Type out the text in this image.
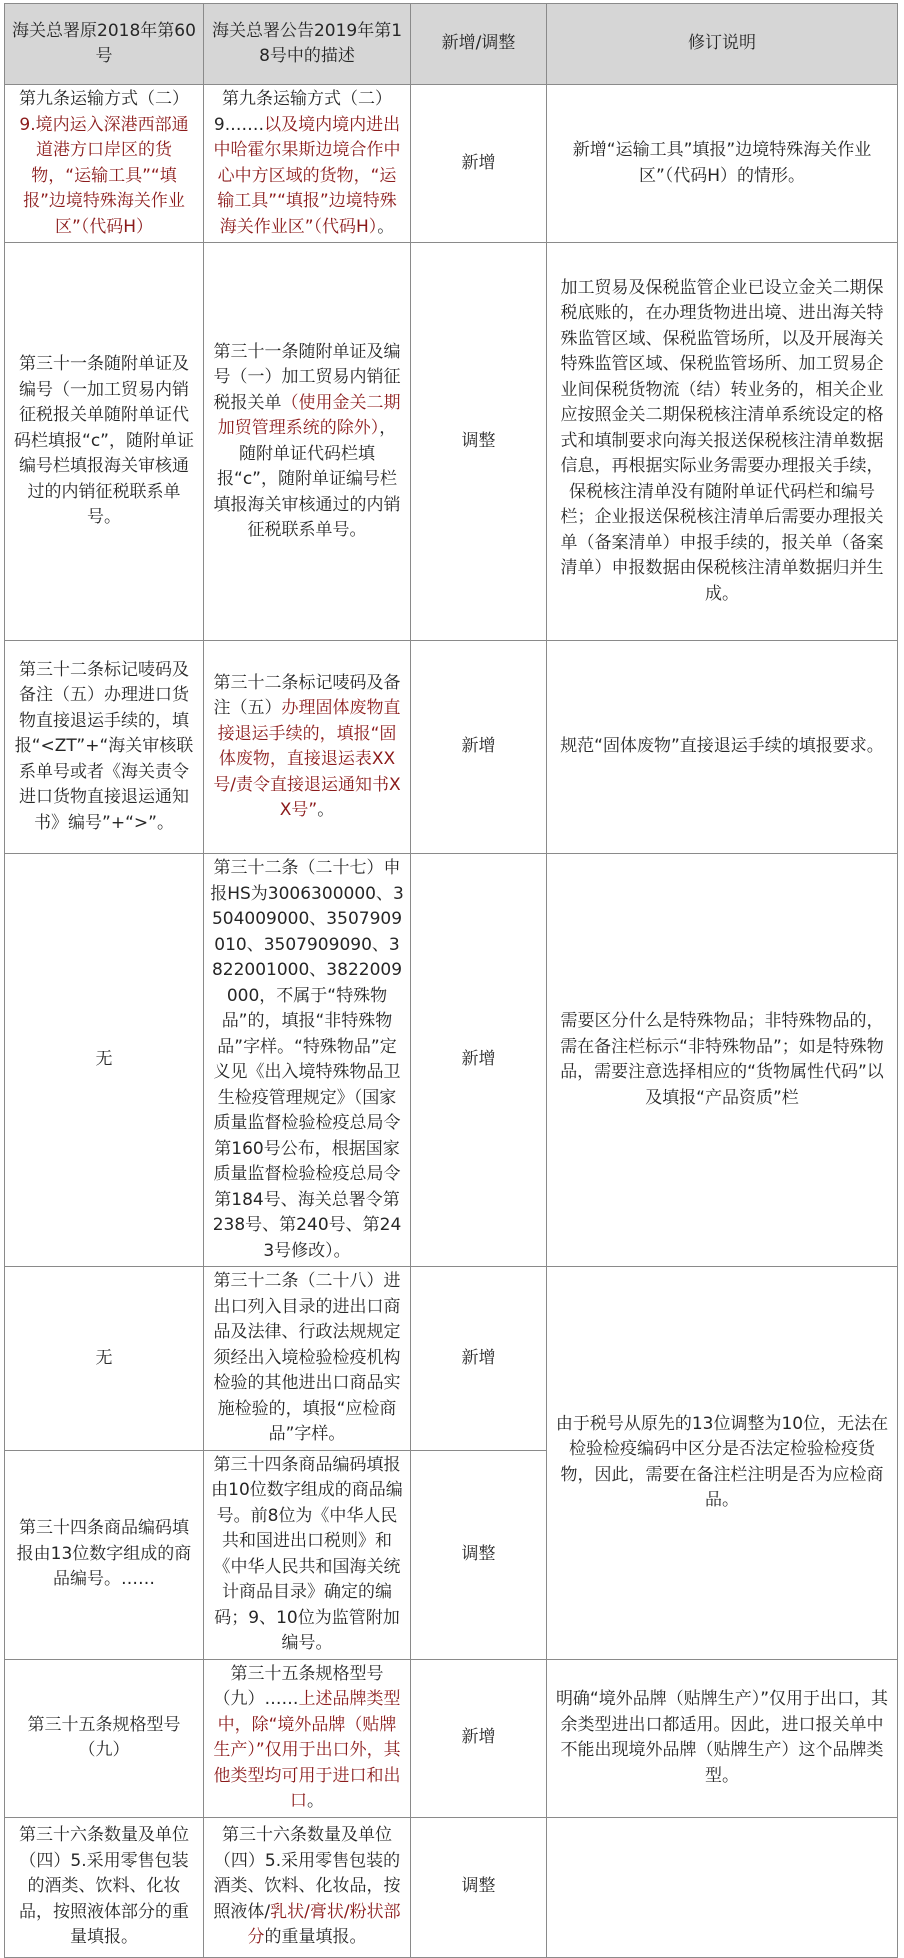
海关总署原2018年第60号	海关总署公告2019年第18号中的描述	新增/调整	修订说明
第九条运输方式（二）9.境内运入深港西部通道港方口岸区的货物，“运输工具”“填报”边境特殊海关作业区”（代码H）	第九条运输方式（二）9.……以及境内境内进出中哈霍尔果斯边境合作中心中方区域的货物，“运输工具”“填报”边境特殊海关作业区”（代码H）。	新增	新增“运输工具”填报”边境特殊海关作业区”（代码H）的情形。
第三十一条随附单证及编号（一加工贸易内销征税报关单随附单证代码栏填报“c”，随附单证编号栏填报海关审核通过的内销征税联系单号。	第三十一条随附单证及编号（一）加工贸易内销征税报关单（使用金关二期加贸管理系统的除外），随附单证代码栏填报“c”，随附单证编号栏填报海关审核通过的内销征税联系单号。	调整	加工贸易及保税监管企业已设立金关二期保税底账的，在办理货物进出境、进出海关特殊监管区域、保税监管场所，以及开展海关特殊监管区域、保税监管场所、加工贸易企业间保税货物流（结）转业务的，相关企业应按照金关二期保税核注清单系统设定的格式和填制要求向海关报送保税核注清单数据信息，再根据实际业务需要办理报关手续，保税核注清单没有随附单证代码栏和编号栏；企业报送保税核注清单后需要办理报关单（备案清单）申报手续的，报关单（备案清单）申报数据由保税核注清单数据归并生成。
第三十二条标记唛码及备注（五）办理进口货物直接退运手续的，填报“<ZT”+“海关审核联系单号或者《海关责令进口货物直接退运通知书》编号”+“>”。	第三十二条标记唛码及备注（五）办理固体废物直接退运手续的，填报“固体废物，直接退运表XX号/责令直接退运通知书XX号”。	新增	规范“固体废物”直接退运手续的填报要求。
无	第三十二条（二十七）申报HS为3006300000、3504009000、3507909010、3507909090、3822001000、3822009000，不属于“特殊物品”的，填报“非特殊物品”字样。“特殊物品”定义见《出入境特殊物品卫生检疫管理规定》（国家质量监督检验检疫总局令第160号公布，根据国家质量监督检验检疫总局令第184号、海关总署令第238号、第240号、第243号修改）。	新增	需要区分什么是特殊物品；非特殊物品的，需在备注栏标示“非特殊物品”；如是特殊物品，需要注意选择相应的“货物属性代码”以及填报“产品资质”栏
无	第三十二条（二十八）进出口列入目录的进出口商品及法律、行政法规规定须经出入境检验检疫机构检验的其他进出口商品实施检验的，填报“应检商品”字样。	新增	由于税号从原先的13位调整为10位，无法在检验检疫编码中区分是否法定检验检疫货物，因此，需要在备注栏注明是否为应检商品。
第三十四条商品编码填报由13位数字组成的商品编号。……	第三十四条商品编码填报由10位数字组成的商品编号。前8位为《中华人民共和国进出口税则》和《中华人民共和国海关统计商品目录》确定的编码；9、10位为监管附加编号。	调整	
第三十五条规格型号（九）	第三十五条规格型号（九）……上述品牌类型中，除“境外品牌（贴牌生产）”仅用于出口外，其他类型均可用于进口和出口。	新增	明确“境外品牌（贴牌生产）”仅用于出口，其余类型进出口都适用。因此，进口报关单中不能出现境外品牌（贴牌生产）这个品牌类型。
第三十六条数量及单位（四）5.采用零售包装的酒类、饮料、化妆品，按照液体部分的重量填报。	第三十六条数量及单位（四）5.采用零售包装的酒类、饮料、化妆品，按照液体/乳状/膏状/粉状部分的重量填报。	调整	
